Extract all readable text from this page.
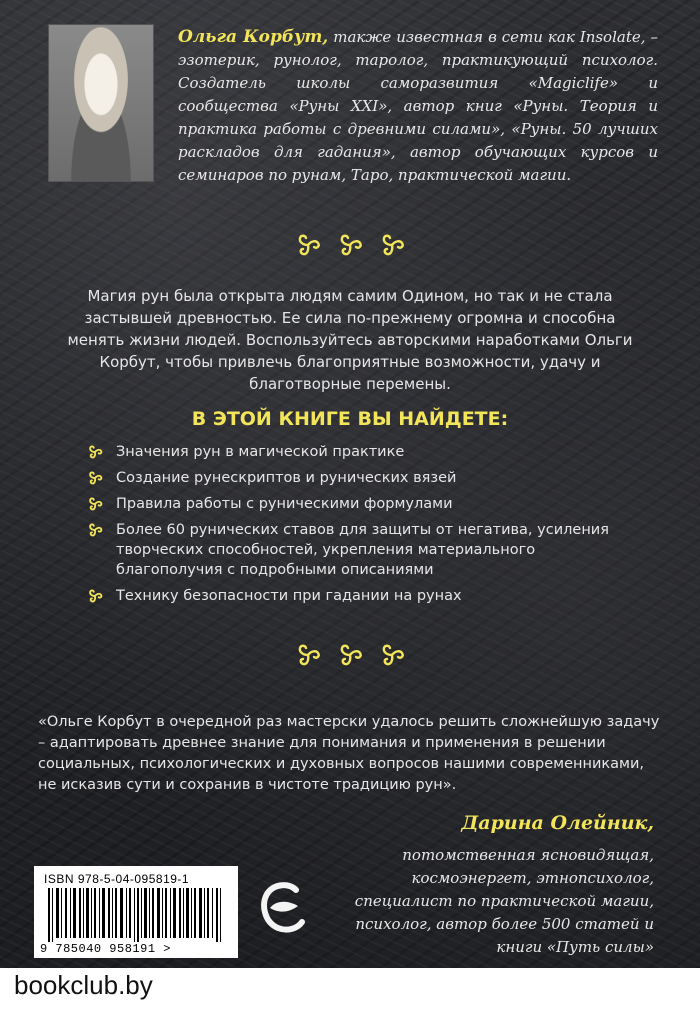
Ольга Корбут, также известная в сети как Insolate, – эзотерик, рунолог, таролог, практикующий психолог. Создатель школы саморазвития «Magiclife» и сообщества «Руны XXI», автор книг «Руны. Теория и практика работы с древними силами», «Руны. 50 лучших раскладов для гадания», автор обучающих курсов и семинаров по рунам, Таро, практической магии.

Магия рун была открыта людям самим Одином, но так и не стала застывшей древностью. Ее сила по-прежнему огромна и способна менять жизни людей. Воспользуйтесь авторскими наработками Ольги Корбут, чтобы привлечь благоприятные возможности, удачу и благотворные перемены.
В ЭТОЙ КНИГЕ ВЫ НАЙДЕТЕ:
Значения рун в магической практике
Создание рунескриптов и рунических вязей
Правила работы с руническими формулами
Более 60 рунических ставов для защиты от негатива, усиления творческих способностей, укрепления материального благополучия с подробными описаниями
Технику безопасности при гадании на рунах

«Ольге Корбут в очередной раз мастерски удалось решить сложнейшую задачу – адаптировать древнее знание для понимания и применения в решении социальных, психологических и духовных вопросов нашими современниками, не исказив сути и сохранив в чистоте традицию рун».
Дарина Олейник,
потомственная ясновидящая, космоэнергет, этнопсихолог, специалист по практической магии, психолог, автор более 500 статей и книги «Путь силы»
ISBN 978-5-04-095819-1
9 785040 958191 >
bookclub.by
